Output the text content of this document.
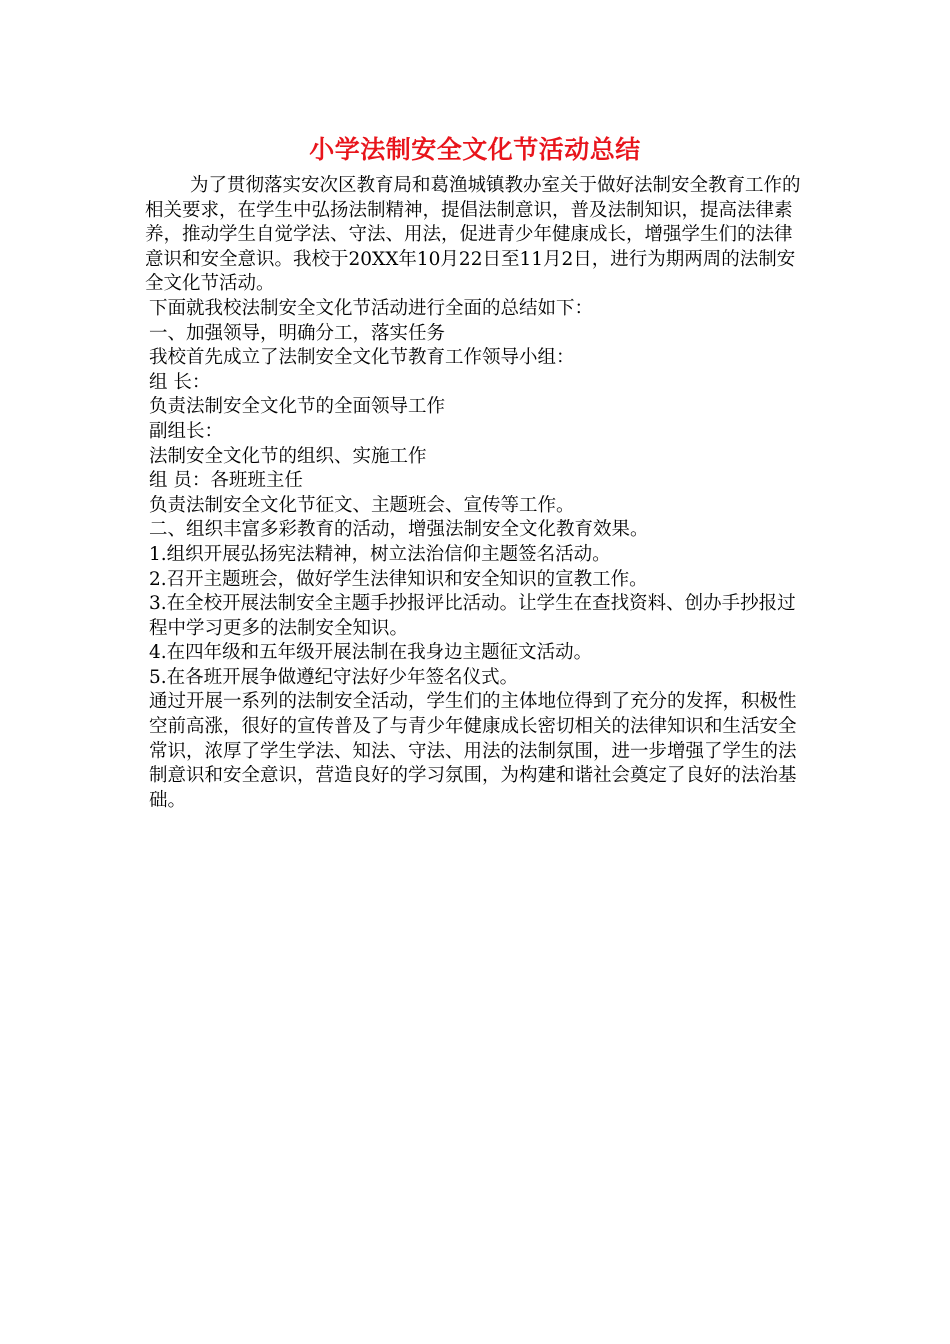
小学法制安全文化节活动总结

为了贯彻落实安次区教育局和葛渔城镇教办室关于做好法制安全教育工作的相关要求，在学生中弘扬法制精神，提倡法制意识，普及法制知识，提高法律素养，推动学生自觉学法、守法、用法，促进青少年健康成长，增强学生们的法律意识和安全意识。我校于20XX年10月22日至11月2日，进行为期两周的法制安全文化节活动。

下面就我校法制安全文化节活动进行全面的总结如下：

一、加强领导，明确分工，落实任务

我校首先成立了法制安全文化节教育工作领导小组：

组 长：

负责法制安全文化节的全面领导工作

副组长：

法制安全文化节的组织、实施工作

组 员：各班班主任

负责法制安全文化节征文、主题班会、宣传等工作。

二、组织丰富多彩教育的活动，增强法制安全文化教育效果。

1.组织开展弘扬宪法精神，树立法治信仰主题签名活动。

2.召开主题班会，做好学生法律知识和安全知识的宣教工作。

3.在全校开展法制安全主题手抄报评比活动。让学生在查找资料、创办手抄报过程中学习更多的法制安全知识。

4.在四年级和五年级开展法制在我身边主题征文活动。

5.在各班开展争做遵纪守法好少年签名仪式。

通过开展一系列的法制安全活动，学生们的主体地位得到了充分的发挥，积极性空前高涨，很好的宣传普及了与青少年健康成长密切相关的法律知识和生活安全常识，浓厚了学生学法、知法、守法、用法的法制氛围，进一步增强了学生的法制意识和安全意识，营造良好的学习氛围，为构建和谐社会奠定了良好的法治基础。
